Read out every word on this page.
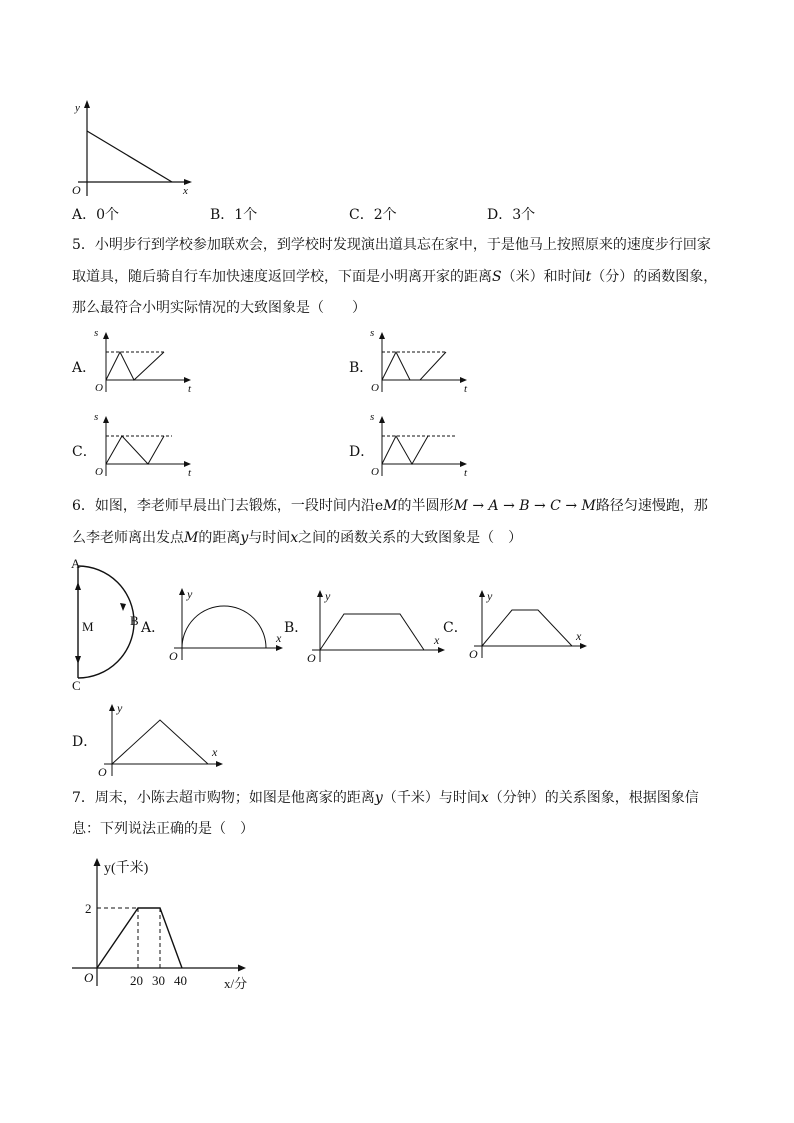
y
x
O
A．0个	B．1个	C．2个	D．3个
5．小明步行到学校参加联欢会，到学校时发现演出道具忘在家中，于是他马上按照原来的速度步行回家
取道具，随后骑自行车加快速度返回学校，下面是小明离开家的距离S（米）和时间t（分）的函数图象，
那么最符合小明实际情况的大致图象是（　　）
A．
s
t
O
B．
s
t
O
C．
s
t
O
D．
s
t
O
6．如图，李老师早晨出门去锻炼，一段时间内沿eM的半圆形M → A → B → C → M路径匀速慢跑，那
么李老师离出发点M的距离y与时间x之间的函数关系的大致图象是（　）
A
M	B
C
A．
y
x
O
B．
y
x
O
C．
y
x
O
D．
y
x
O
7．周末，小陈去超市购物；如图是他离家的距离y（千米）与时间x（分钟）的关系图象，根据图象信
息：下列说法正确的是（　）
y(千米)
2
O	20 30 40	x/分
